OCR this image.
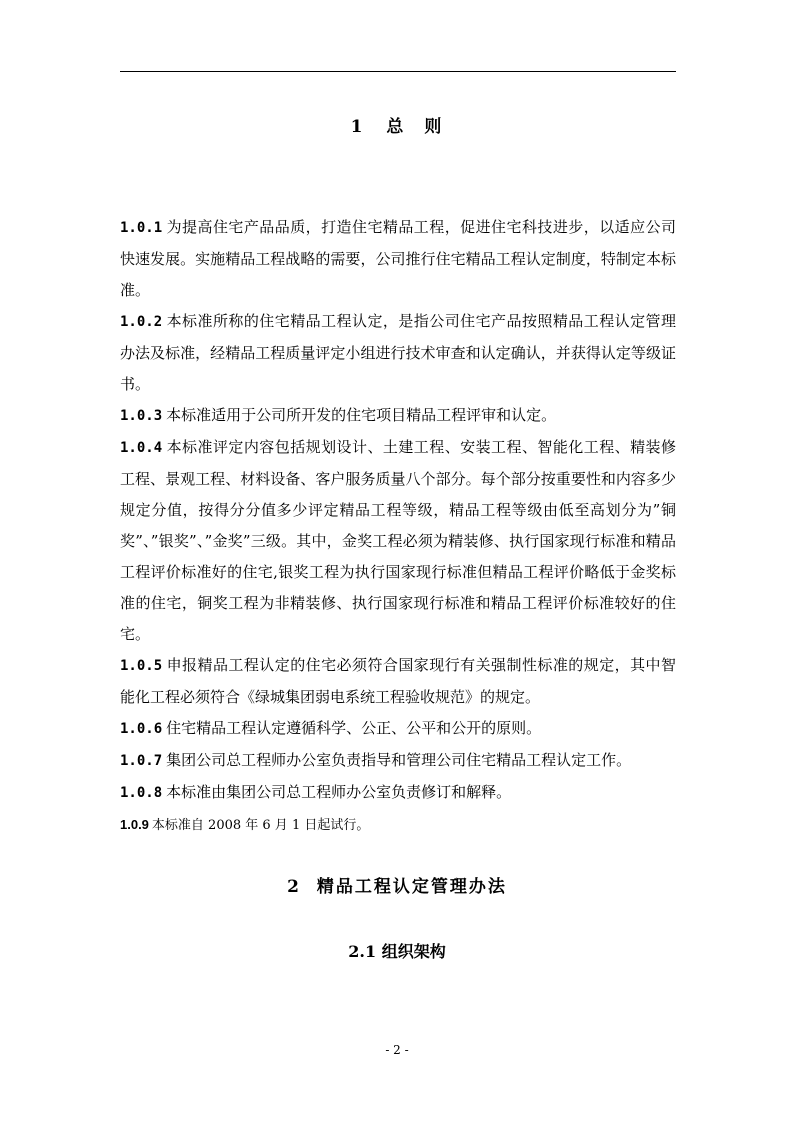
1 总　则

1.0.1 为提高住宅产品品质，打造住宅精品工程，促进住宅科技进步，以适应公司快速发展。实施精品工程战略的需要，公司推行住宅精品工程认定制度，特制定本标准。

1.0.2 本标准所称的住宅精品工程认定，是指公司住宅产品按照精品工程认定管理办法及标准，经精品工程质量评定小组进行技术审查和认定确认，并获得认定等级证书。

1.0.3 本标准适用于公司所开发的住宅项目精品工程评审和认定。

1.0.4 本标准评定内容包括规划设计、土建工程、安装工程、智能化工程、精装修工程、景观工程、材料设备、客户服务质量八个部分。每个部分按重要性和内容多少规定分值，按得分分值多少评定精品工程等级，精品工程等级由低至高划分为”铜奖”、”银奖”、”金奖”三级。其中，金奖工程必须为精装修、执行国家现行标准和精品工程评价标准好的住宅,银奖工程为执行国家现行标准但精品工程评价略低于金奖标准的住宅，铜奖工程为非精装修、执行国家现行标准和精品工程评价标准较好的住宅。

1.0.5 申报精品工程认定的住宅必须符合国家现行有关强制性标准的规定，其中智能化工程必须符合《绿城集团弱电系统工程验收规范》的规定。

1.0.6 住宅精品工程认定遵循科学、公正、公平和公开的原则。

1.0.7 集团公司总工程师办公室负责指导和管理公司住宅精品工程认定工作。

1.0.8 本标准由集团公司总工程师办公室负责修订和解释。

1.0.9 本标准自 2008 年 6 月 1 日起试行。

2 精品工程认定管理办法
2.1 组织架构
- 2 -
